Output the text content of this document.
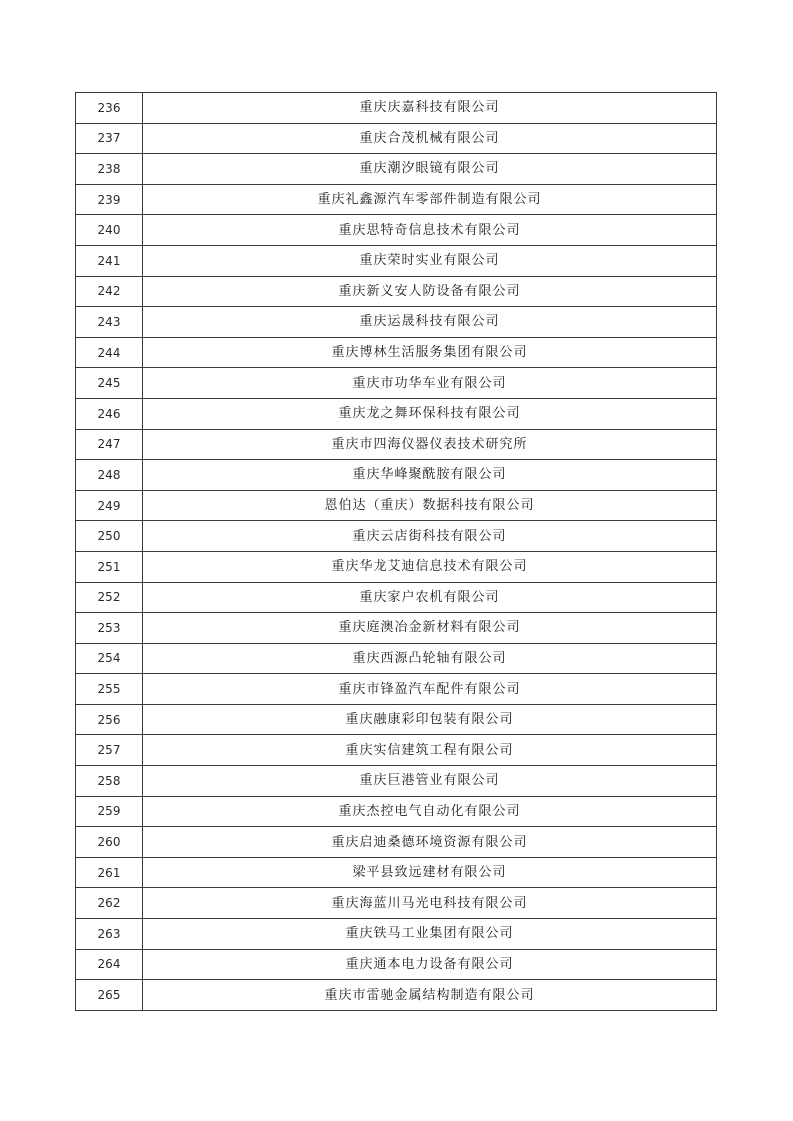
236	重庆庆嘉科技有限公司
237	重庆合茂机械有限公司
238	重庆潮汐眼镜有限公司
239	重庆礼鑫源汽车零部件制造有限公司
240	重庆思特奇信息技术有限公司
241	重庆荣时实业有限公司
242	重庆新义安人防设备有限公司
243	重庆运晟科技有限公司
244	重庆博林生活服务集团有限公司
245	重庆市功华车业有限公司
246	重庆龙之舞环保科技有限公司
247	重庆市四海仪器仪表技术研究所
248	重庆华峰聚酰胺有限公司
249	恩伯达（重庆）数据科技有限公司
250	重庆云店街科技有限公司
251	重庆华龙艾迪信息技术有限公司
252	重庆家户农机有限公司
253	重庆庭澳冶金新材料有限公司
254	重庆西源凸轮轴有限公司
255	重庆市锋盈汽车配件有限公司
256	重庆融康彩印包装有限公司
257	重庆实信建筑工程有限公司
258	重庆巨港管业有限公司
259	重庆杰控电气自动化有限公司
260	重庆启迪桑德环境资源有限公司
261	梁平县致远建材有限公司
262	重庆海蓝川马光电科技有限公司
263	重庆铁马工业集团有限公司
264	重庆通本电力设备有限公司
265	重庆市雷驰金属结构制造有限公司
